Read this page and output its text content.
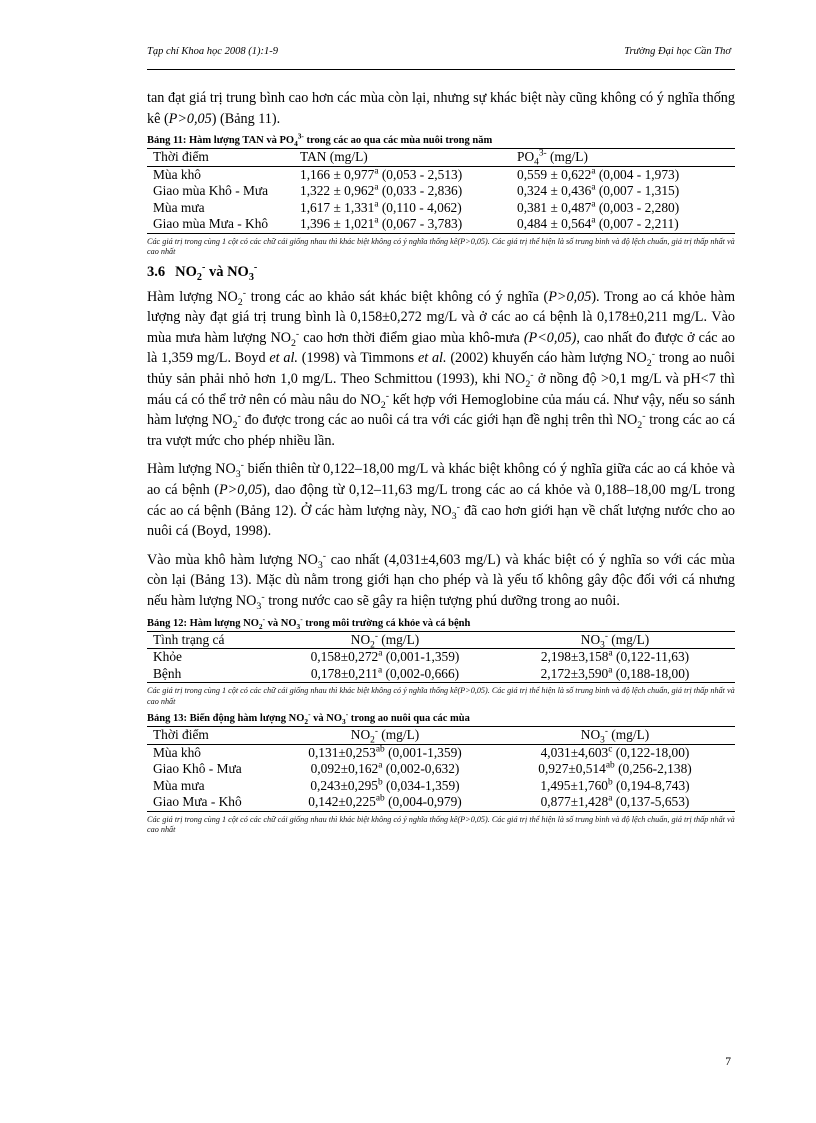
Tạp chí Khoa học 2008 (1):1-9	Trường Đại học Cần Thơ

tan đạt giá trị trung bình cao hơn các mùa còn lại, nhưng sự khác biệt này cũng không có ý nghĩa thống kê (P>0,05) (Bảng 11).

Bảng 11: Hàm lượng TAN và $PO_4^{3-}$ trong các ao qua các mùa nuôi trong năm
Thời điểm	TAN (mg/L)	$PO_4^{3-}$ (mg/L)
Mùa khô	1,166 ± 0,977$^a$ (0,053 - 2,513)	0,559 ± 0,622$^a$ (0,004 - 1,973)
Giao mùa Khô - Mưa	1,322 ± 0,962$^a$ (0,033 - 2,836)	0,324 ± 0,436$^a$ (0,007 - 1,315)
Mùa mưa	1,617 ± 1,331$^a$ (0,110 - 4,062)	0,381 ± 0,487$^a$ (0,003 - 2,280)
Giao mùa Mưa - Khô	1,396 ± 1,021$^a$ (0,067 - 3,783)	0,484 ± 0,564$^a$ (0,007 - 2,211)
Các giá trị trong cùng 1 cột có các chữ cái giống nhau thì khác biệt không có ý nghĩa thống kê(P>0,05). Các giá trị thể hiện là số trung bình và độ lệch chuẩn, giá trị thấp nhất và cao nhất
3.6 $NO_2^-$ và $NO_3^-$

Hàm lượng $NO_2^-$ trong các ao khảo sát khác biệt không có ý nghĩa (P>0,05). Trong ao cá khỏe hàm lượng này đạt giá trị trung bình là 0,158±0,272 mg/L và ở các ao cá bệnh là 0,178±0,211 mg/L. Vào mùa mưa hàm lượng $NO_2^-$ cao hơn thời điểm giao mùa khô-mưa (P<0,05), cao nhất đo được ở các ao là 1,359 mg/L. Boyd et al. (1998) và Timmons et al. (2002) khuyến cáo hàm lượng $NO_2^-$ trong ao nuôi thủy sản phải nhỏ hơn 1,0 mg/L. Theo Schmittou (1993), khi $NO_2^-$ ở nồng độ >0,1 mg/L và pH<7 thì máu cá có thể trở nên có màu nâu do $NO_2^-$ kết hợp với Hemoglobine của máu cá. Như vậy, nếu so sánh hàm lượng $NO_2^-$ đo được trong các ao nuôi cá tra với các giới hạn đề nghị trên thì $NO_2^-$ trong các ao cá tra vượt mức cho phép nhiều lần.

Hàm lượng $NO_3^-$ biến thiên từ 0,122–18,00 mg/L và khác biệt không có ý nghĩa giữa các ao cá khỏe và ao cá bệnh (P>0,05), dao động từ 0,12–11,63 mg/L trong các ao cá khỏe và 0,188–18,00 mg/L trong các ao cá bệnh (Bảng 12). Ở các hàm lượng này, $NO_3^-$ đã cao hơn giới hạn về chất lượng nước cho ao nuôi cá (Boyd, 1998).

Vào mùa khô hàm lượng $NO_3^-$ cao nhất (4,031±4,603 mg/L) và khác biệt có ý nghĩa so với các mùa còn lại (Bảng 13). Mặc dù nằm trong giới hạn cho phép và là yếu tố không gây độc đối với cá nhưng nếu hàm lượng $NO_3^-$ trong nước cao sẽ gây ra hiện tượng phú dưỡng trong ao nuôi.

Bảng 12: Hàm lượng $NO_2^-$ và $NO_3^-$ trong môi trường cá khỏe và cá bệnh
Tình trạng cá	$NO_2^-$ (mg/L)	$NO_3^-$ (mg/L)
Khỏe	0,158±0,272$^a$ (0,001-1,359)	2,198±3,158$^a$ (0,122-11,63)
Bệnh	0,178±0,211$^a$ (0,002-0,666)	2,172±3,590$^a$ (0,188-18,00)
Các giá trị trong cùng 1 cột có các chữ cái giống nhau thì khác biệt không có ý nghĩa thống kê(P>0,05). Các giá trị thể hiện là số trung bình và độ lệch chuẩn, giá trị thấp nhất và cao nhất
Bảng 13: Biến động hàm lượng $NO_2^-$ và $NO_3^-$ trong ao nuôi qua các mùa
Thời điểm	$NO_2^-$ (mg/L)	$NO_3^-$ (mg/L)
Mùa khô	0,131±0,253$^{ab}$ (0,001-1,359)	4,031±4,603$^c$ (0,122-18,00)
Giao Khô - Mưa	0,092±0,162$^a$ (0,002-0,632)	0,927±0,514$^{ab}$ (0,256-2,138)
Mùa mưa	0,243±0,295$^b$ (0,034-1,359)	1,495±1,760$^b$ (0,194-8,743)
Giao Mưa - Khô	0,142±0,225$^{ab}$ (0,004-0,979)	0,877±1,428$^a$ (0,137-5,653)
Các giá trị trong cùng 1 cột có các chữ cái giống nhau thì khác biệt không có ý nghĩa thống kê(P>0,05). Các giá trị thể hiện là số trung bình và độ lệch chuẩn, giá trị thấp nhất và cao nhất
7
